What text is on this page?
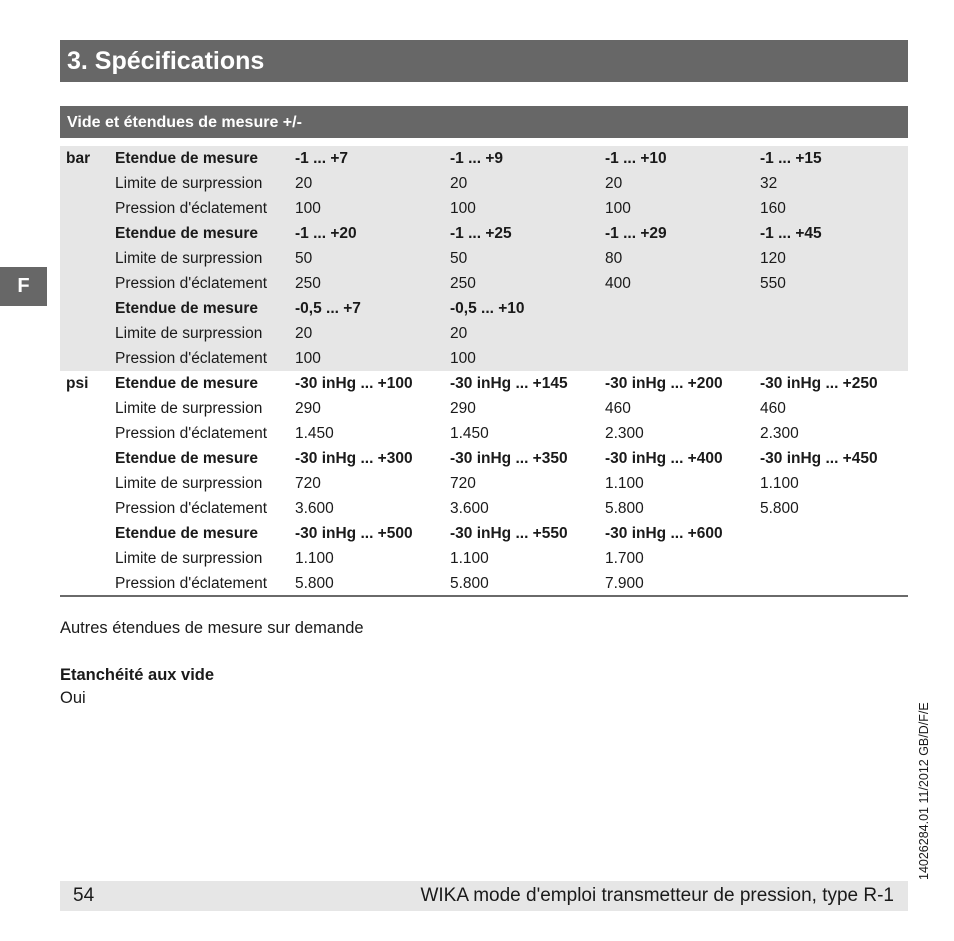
3. Spécifications
F
Vide et étendues de mesure +/-
bar	Etendue de mesure	-1 ... +7	-1 ... +9	-1 ... +10	-1 ... +15
	Limite de surpression	20	20	20	32
	Pression d'éclatement	100	100	100	160
	Etendue de mesure	-1 ... +20	-1 ... +25	-1 ... +29	-1 ... +45
	Limite de surpression	50	50	80	120
	Pression d'éclatement	250	250	400	550
	Etendue de mesure	-0,5 ... +7	-0,5 ... +10		
	Limite de surpression	20	20		
	Pression d'éclatement	100	100		
psi	Etendue de mesure	-30 inHg ... +100	-30 inHg ... +145	-30 inHg ... +200	-30 inHg ... +250
	Limite de surpression	290	290	460	460
	Pression d'éclatement	1.450	1.450	2.300	2.300
	Etendue de mesure	-30 inHg ... +300	-30 inHg ... +350	-30 inHg ... +400	-30 inHg ... +450
	Limite de surpression	720	720	1.100	1.100
	Pression d'éclatement	3.600	3.600	5.800	5.800
	Etendue de mesure	-30 inHg ... +500	-30 inHg ... +550	-30 inHg ... +600	
	Limite de surpression	1.100	1.100	1.700	
	Pression d'éclatement	5.800	5.800	7.900	
Autres étendues de mesure sur demande
Etanchéité aux vide
Oui
14026284.01 11/2012 GB/D/F/E
54	WIKA mode d'emploi transmetteur de pression, type R-1
